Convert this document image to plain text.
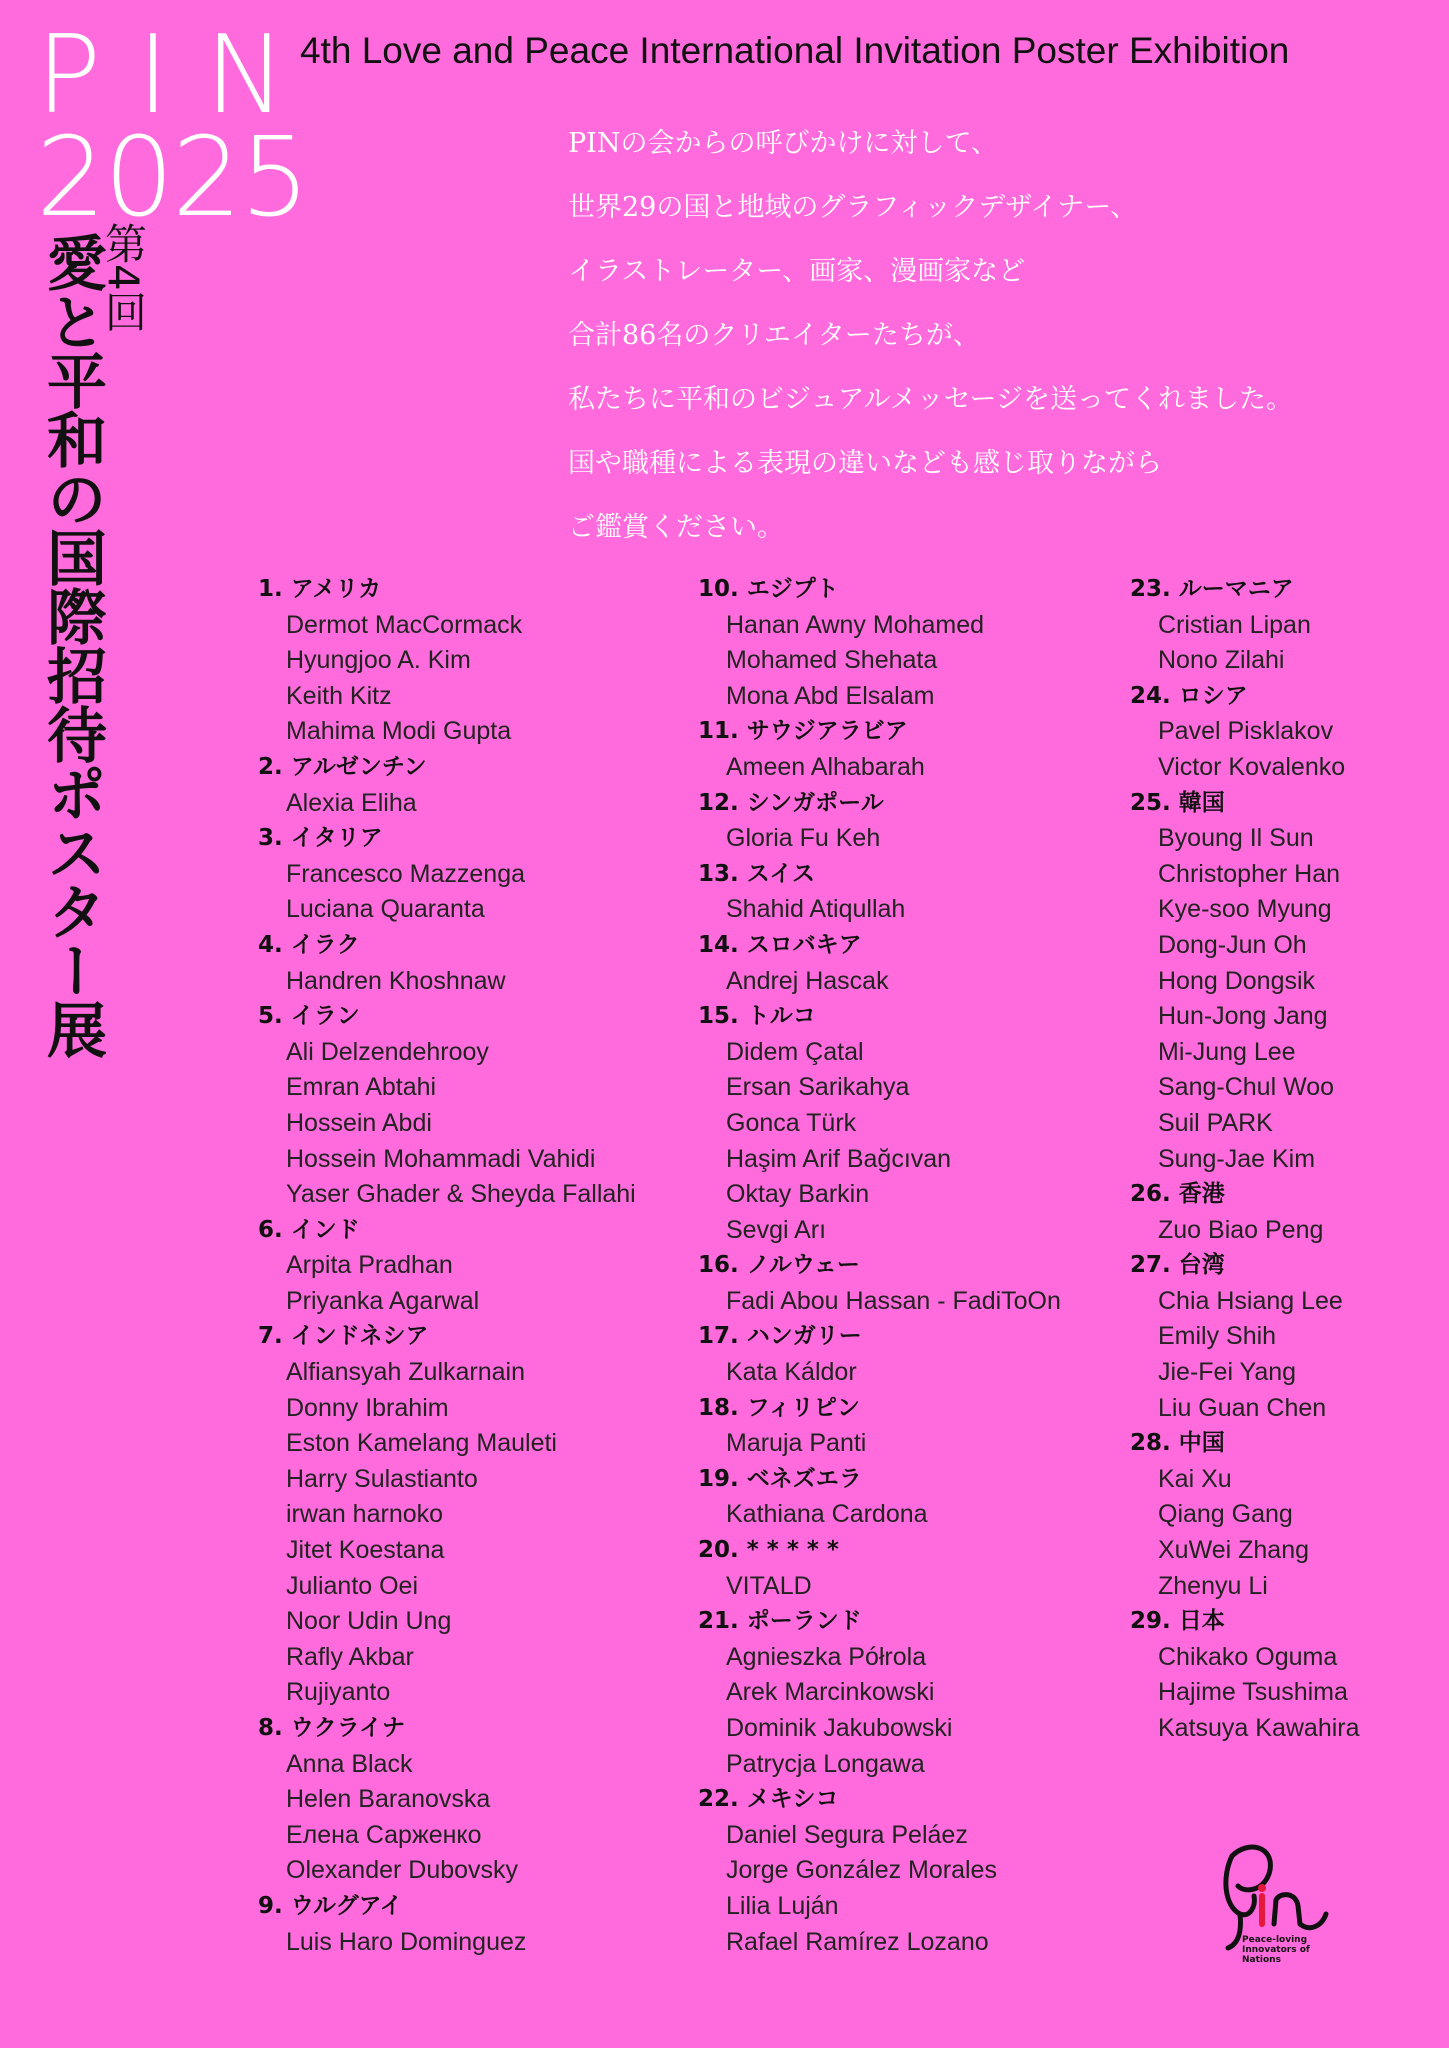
PIN
2025
4th Love and Peace International Invitation Poster Exhibition
第4回
愛と平和の国際招待ポスター展
PINの会からの呼びかけに対して、
世界29の国と地域のグラフィックデザイナー、
イラストレーター、画家、漫画家など
合計86名のクリエイターたちが、
私たちに平和のビジュアルメッセージを送ってくれました。
国や職種による表現の違いなども感じ取りながら
ご鑑賞ください。
1. アメリカ
Dermot MacCormack
Hyungjoo A. Kim
Keith Kitz
Mahima Modi Gupta
2. アルゼンチン
Alexia Eliha
3. イタリア
Francesco Mazzenga
Luciana Quaranta
4. イラク
Handren Khoshnaw
5. イラン
Ali Delzendehrooy
Emran Abtahi
Hossein Abdi
Hossein Mohammadi Vahidi
Yaser Ghader & Sheyda Fallahi
6. インド
Arpita Pradhan
Priyanka Agarwal
7. インドネシア
Alfiansyah Zulkarnain
Donny Ibrahim
Eston Kamelang Mauleti
Harry Sulastianto
irwan harnoko
Jitet Koestana
Julianto Oei
Noor Udin Ung
Rafly Akbar
Rujiyanto
8. ウクライナ
Anna Black
Helen Baranovska
Елена Сарженко
Olexander Dubovsky
9. ウルグアイ
Luis Haro Dominguez
10. エジプト
Hanan Awny Mohamed
Mohamed Shehata
Mona Abd Elsalam
11. サウジアラビア
Ameen Alhabarah
12. シンガポール
Gloria Fu Keh
13. スイス
Shahid Atiqullah
14. スロバキア
Andrej Hascak
15. トルコ
Didem Çatal
Ersan Sarikahya
Gonca Türk
Haşim Arif Bağcıvan
Oktay Barkin
Sevgi Arı
16. ノルウェー
Fadi Abou Hassan - FadiToOn
17. ハンガリー
Kata Káldor
18. フィリピン
Maruja Panti
19. ベネズエラ
Kathiana Cardona
20. * * * * *
VITALD
21. ポーランド
Agnieszka Półrola
Arek Marcinkowski
Dominik Jakubowski
Patrycja Longawa
22. メキシコ
Daniel Segura Peláez
Jorge González Morales
Lilia Luján
Rafael Ramírez Lozano
23. ルーマニア
Cristian Lipan
Nono Zilahi
24. ロシア
Pavel Pisklakov
Victor Kovalenko
25. 韓国
Byoung Il Sun
Christopher Han
Kye-soo Myung
Dong-Jun Oh
Hong Dongsik
Hun-Jong Jang
Mi-Jung Lee
Sang-Chul Woo
Suil PARK
Sung-Jae Kim
26. 香港
Zuo Biao Peng
27. 台湾
Chia Hsiang Lee
Emily Shih
Jie-Fei Yang
Liu Guan Chen
28. 中国
Kai Xu
Qiang Gang
XuWei Zhang
Zhenyu Li
29. 日本
Chikako Oguma
Hajime Tsushima
Katsuya Kawahira
Peace-loving
Innovators of
Nations
